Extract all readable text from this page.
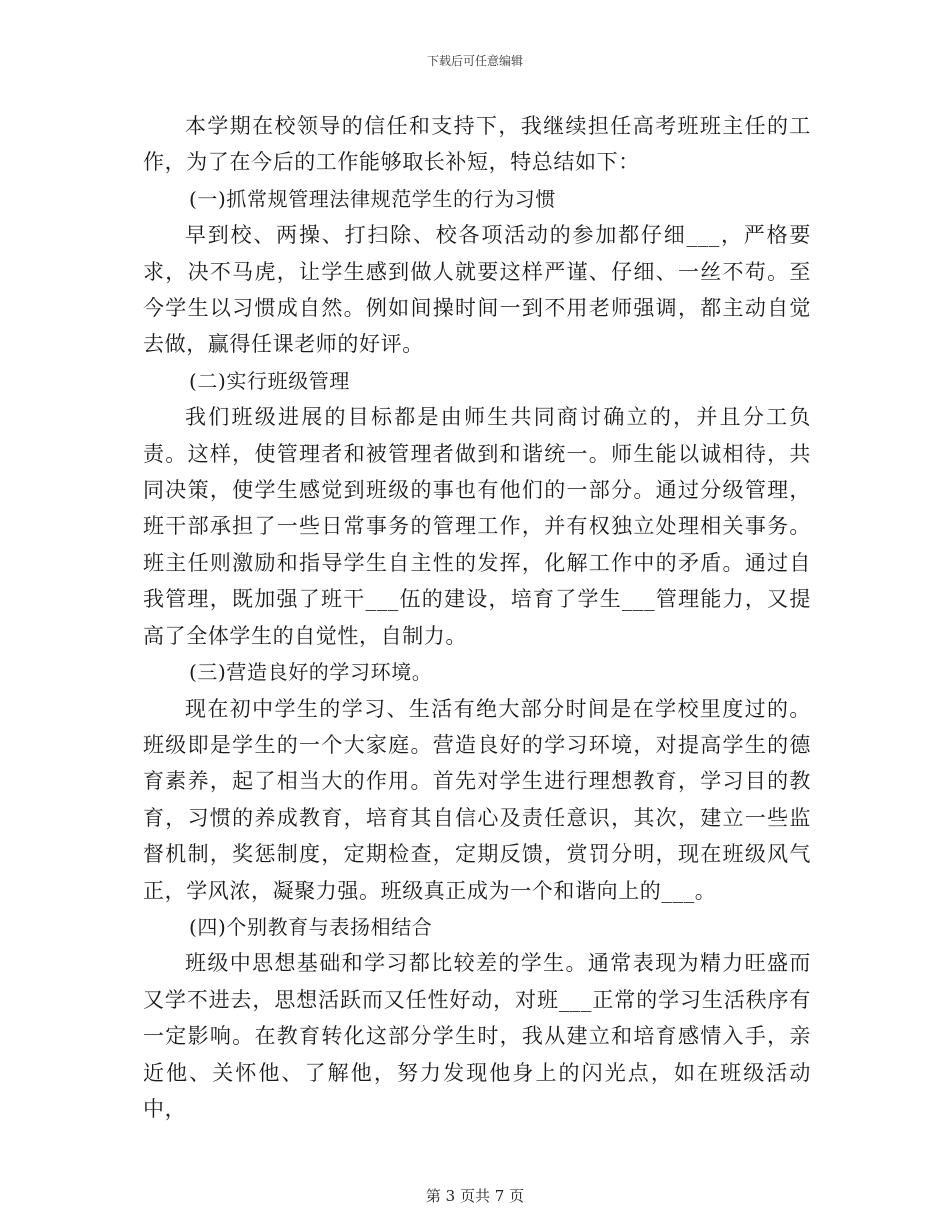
下载后可任意编辑

本学期在校领导的信任和支持下，我继续担任高考班班主任的工作，为了在今后的工作能够取长补短，特总结如下：

(一)抓常规管理法律规范学生的行为习惯

早到校、两操、打扫除、校各项活动的参加都仔细___，严格要求，决不马虎，让学生感到做人就要这样严谨、仔细、一丝不苟。至今学生以习惯成自然。例如间操时间一到不用老师强调，都主动自觉去做，赢得任课老师的好评。

(二)实行班级管理

我们班级进展的目标都是由师生共同商讨确立的，并且分工负责。这样，使管理者和被管理者做到和谐统一。师生能以诚相待，共同决策，使学生感觉到班级的事也有他们的一部分。通过分级管理，班干部承担了一些日常事务的管理工作，并有权独立处理相关事务。班主任则激励和指导学生自主性的发挥，化解工作中的矛盾。通过自我管理，既加强了班干___伍的建设，培育了学生___管理能力，又提高了全体学生的自觉性，自制力。

(三)营造良好的学习环境。

现在初中学生的学习、生活有绝大部分时间是在学校里度过的。班级即是学生的一个大家庭。营造良好的学习环境，对提高学生的德育素养，起了相当大的作用。首先对学生进行理想教育，学习目的教育，习惯的养成教育，培育其自信心及责任意识，其次，建立一些监督机制，奖惩制度，定期检查，定期反馈，赏罚分明，现在班级风气正，学风浓，凝聚力强。班级真正成为一个和谐向上的___。

(四)个别教育与表扬相结合

班级中思想基础和学习都比较差的学生。通常表现为精力旺盛而又学不进去，思想活跃而又任性好动，对班___正常的学习生活秩序有一定影响。在教育转化这部分学生时，我从建立和培育感情入手，亲近他、关怀他、了解他，努力发现他身上的闪光点，如在班级活动中，

第 3 页共 7 页
